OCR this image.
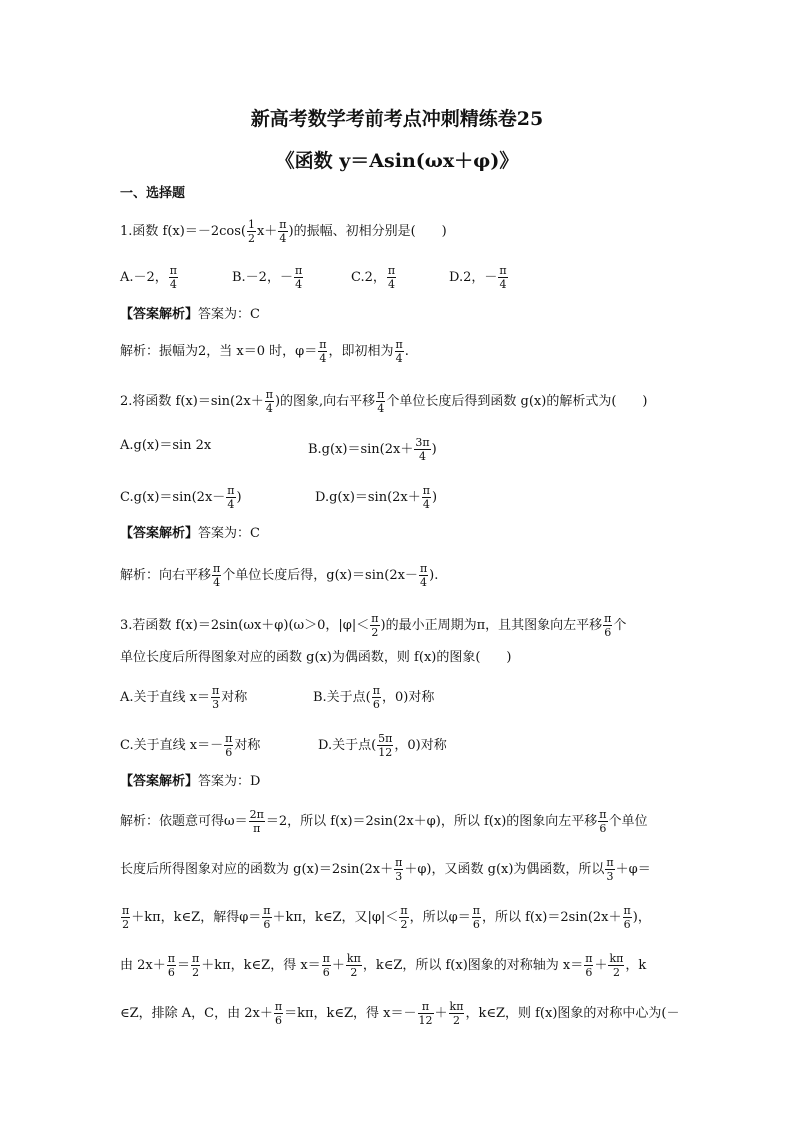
新高考数学考前考点冲刺精练卷25
《函数 y＝Asin(ωx＋φ)》
一、选择题
1.函数 $f(x)=-2\cos( \frac{1}{2} x+ \frac{\pi}{4}$ )的振幅、初相分别是(　　)
A.－2， $\frac{\pi}{4}$	B.－2，－ $\frac{\pi}{4}$	C.2， $\frac{\pi}{4}$	D.2，－ $\frac{\pi}{4}$
【答案解析】答案为：C
解析：振幅为2，当 x＝0 时，$\varphi= \frac{\pi}{4}$ ，即初相为 $\frac{\pi}{4}$ .
2.将函数 $f(x)=\sin(2x+ \frac{\pi}{4}$ )的图象,向右平移 $\frac{\pi}{4}$ 个单位长度后得到函数 g(x)的解析式为(　　)
A.g(x)＝sin 2x	$B.g(x)=\sin(2x+ \frac{3\pi}{4}$ )
$C.g(x)=\sin(2x- \frac{\pi}{4}$ )	$D.g(x)=\sin(2x+ \frac{\pi}{4}$ )
【答案解析】答案为：C
解析：向右平移 $\frac{\pi}{4}$ 个单位长度后得，$g(x)=\sin(2x- \frac{\pi}{4}$ ).
3.若函数 f(x)＝2sin(ωx＋φ)(ω＞0，$|\varphi|< \frac{\pi}{2}$ )的最小正周期为π，且其图象向左平移 $\frac{\pi}{6}$ 个
单位长度后所得图象对应的函数 g(x)为偶函数，则 f(x)的图象(　　)
A.关于直线 $x= \frac{\pi}{3}$ 对称	B.关于点( $\frac{\pi}{6}$ ，0)对称
C.关于直线 $x=- \frac{\pi}{6}$ 对称	D.关于点( $\frac{5\pi}{12}$ ，0)对称
【答案解析】答案为：D
解析：依题意可得$\omega= \frac{2\pi}{\pi} =2$，所以 f(x)＝2sin(2x＋φ)，所以 f(x)的图象向左平移 $\frac{\pi}{6}$ 个单位
长度后所得图象对应的函数为 $g(x)=2\sin(2x+ \frac{\pi}{3} +\varphi)$，又函数 g(x)为偶函数，所以 $\frac{\pi}{3} +\varphi=$
$\frac{\pi}{2} +k\pi$，k∈Z，解得$\varphi= \frac{\pi}{6} +k\pi$，k∈Z，又$|\varphi|< \frac{\pi}{2}$ ，所以$\varphi= \frac{\pi}{6}$ ，所以 $f(x)=2\sin(2x+ \frac{\pi}{6}$ )，
由 $2x+ \frac{\pi}{6} = \frac{\pi}{2} +k\pi$，k∈Z，得 $x= \frac{\pi}{6} + \frac{k\pi}{2}$ ，k∈Z，所以 f(x)图象的对称轴为 $x= \frac{\pi}{6} + \frac{k\pi}{2}$ ，k
∈Z，排除 A，C，由 $2x+ \frac{\pi}{6} =k\pi$，k∈Z，得 $x=- \frac{\pi}{12} + \frac{k\pi}{2}$ ，k∈Z，则 f(x)图象的对称中心为(－
